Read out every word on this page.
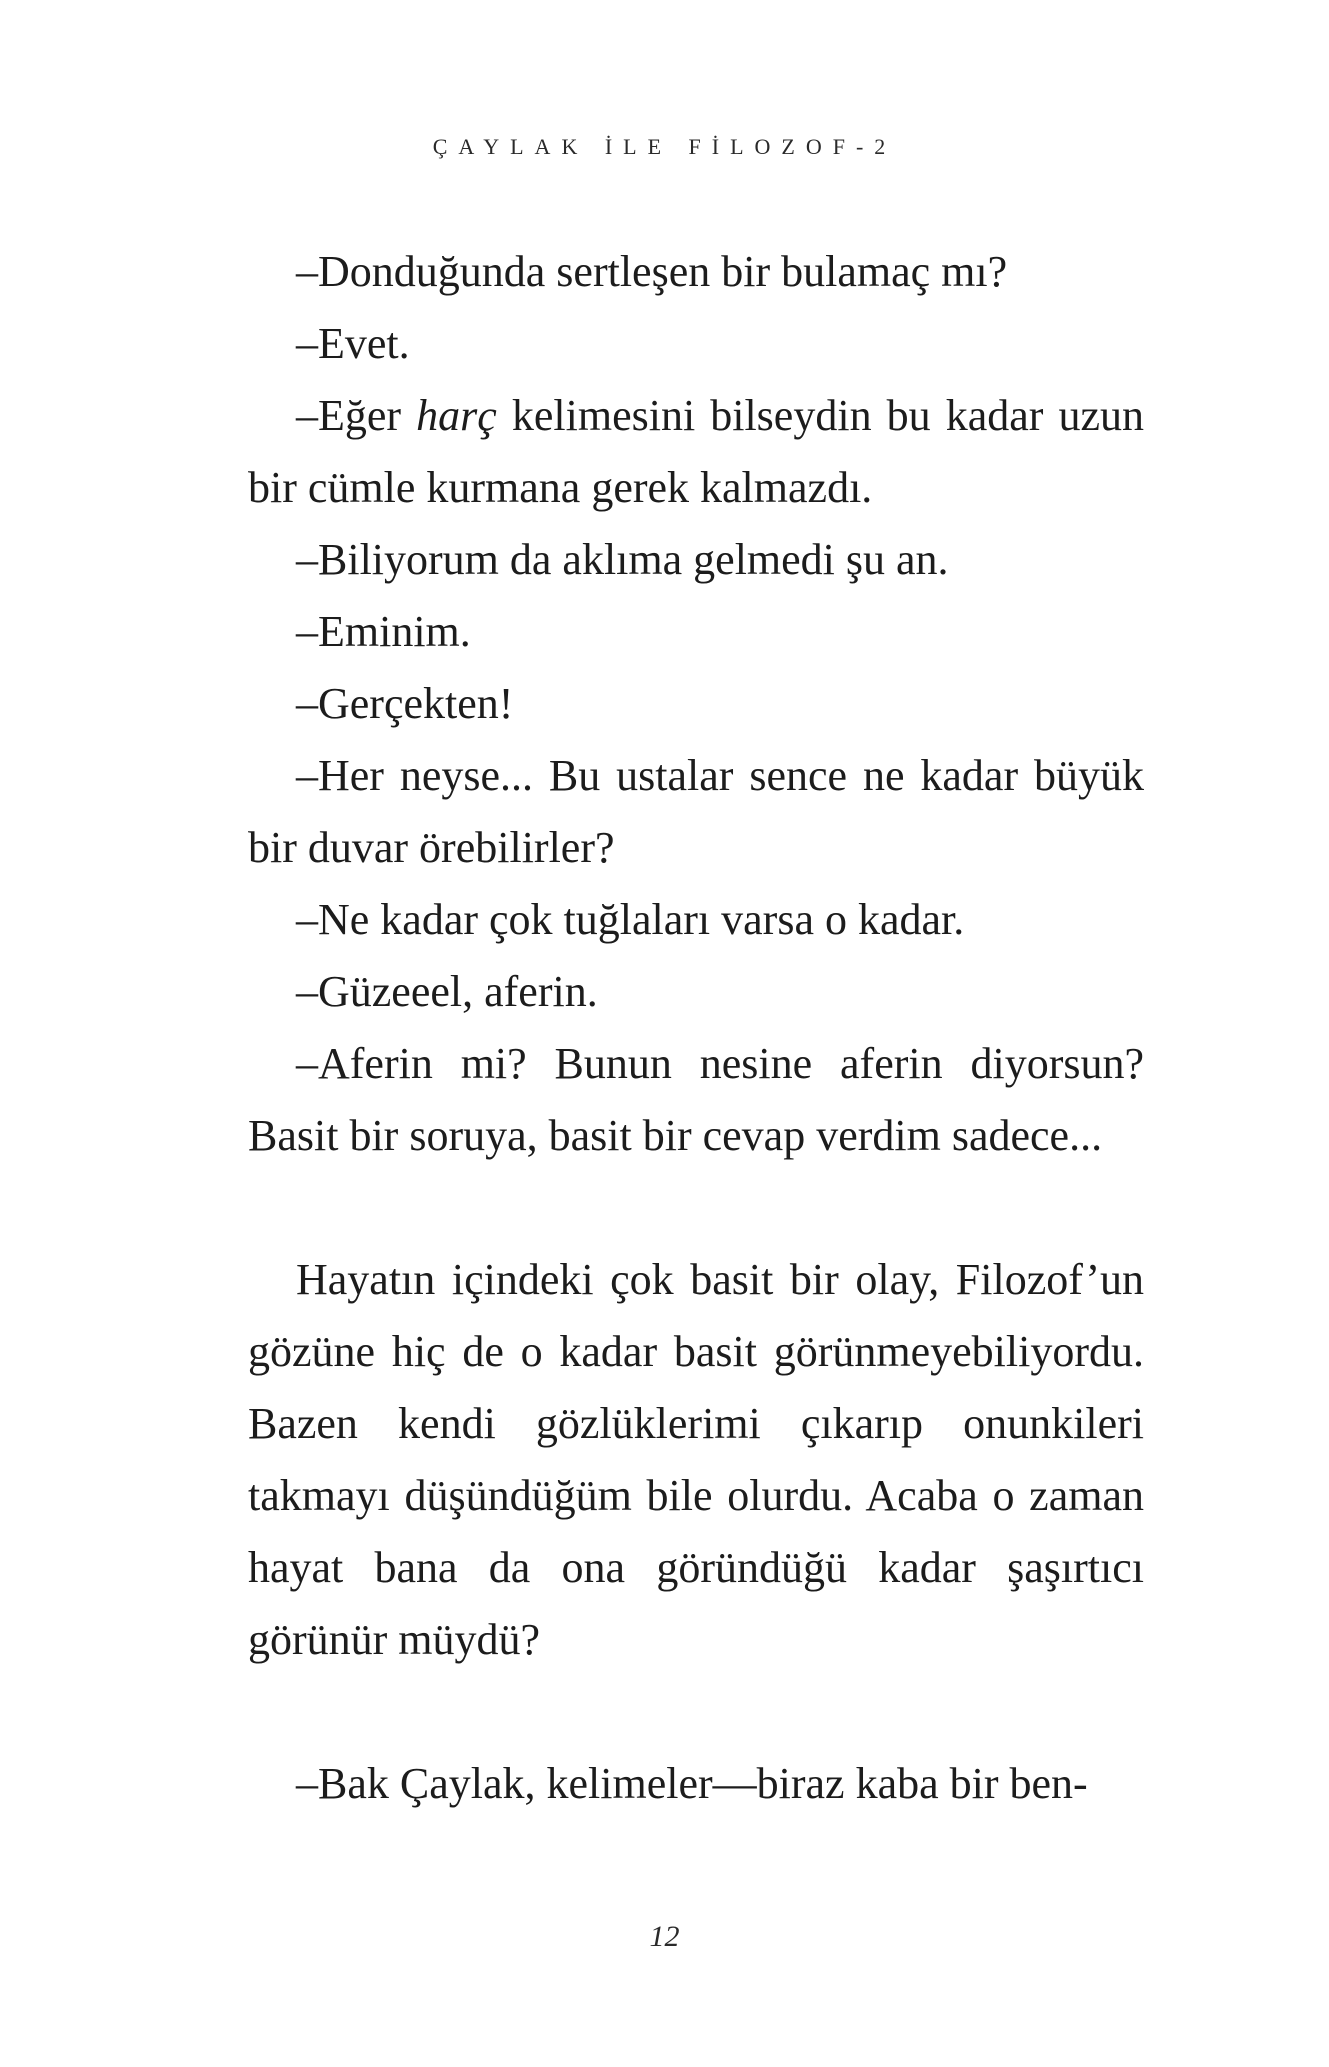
ÇAYLAK İLE FİLOZOF-2

–Donduğunda sertleşen bir bulamaç mı?

–Evet.

–Eğer harç kelimesini bilseydin bu kadar uzun bir cümle kurmana gerek kalmazdı.

–Biliyorum da aklıma gelmedi şu an.

–Eminim.

–Gerçekten!

–Her neyse... Bu ustalar sence ne kadar büyük bir duvar örebilirler?

–Ne kadar çok tuğlaları varsa o kadar.

–Güzeeel, aferin.

–Aferin mi? Bunun nesine aferin diyorsun? Basit bir soruya, basit bir cevap verdim sadece...

Hayatın içindeki çok basit bir olay, Filozof’un gözüne hiç de o kadar basit görünmeyebiliyordu. Bazen kendi gözlüklerimi çıkarıp onunkileri takmayı düşündüğüm bile olurdu. Acaba o zaman hayat bana da ona göründüğü kadar şaşırtıcı görünür müydü?

–Bak Çaylak, kelimeler—biraz kaba bir ben-

12
